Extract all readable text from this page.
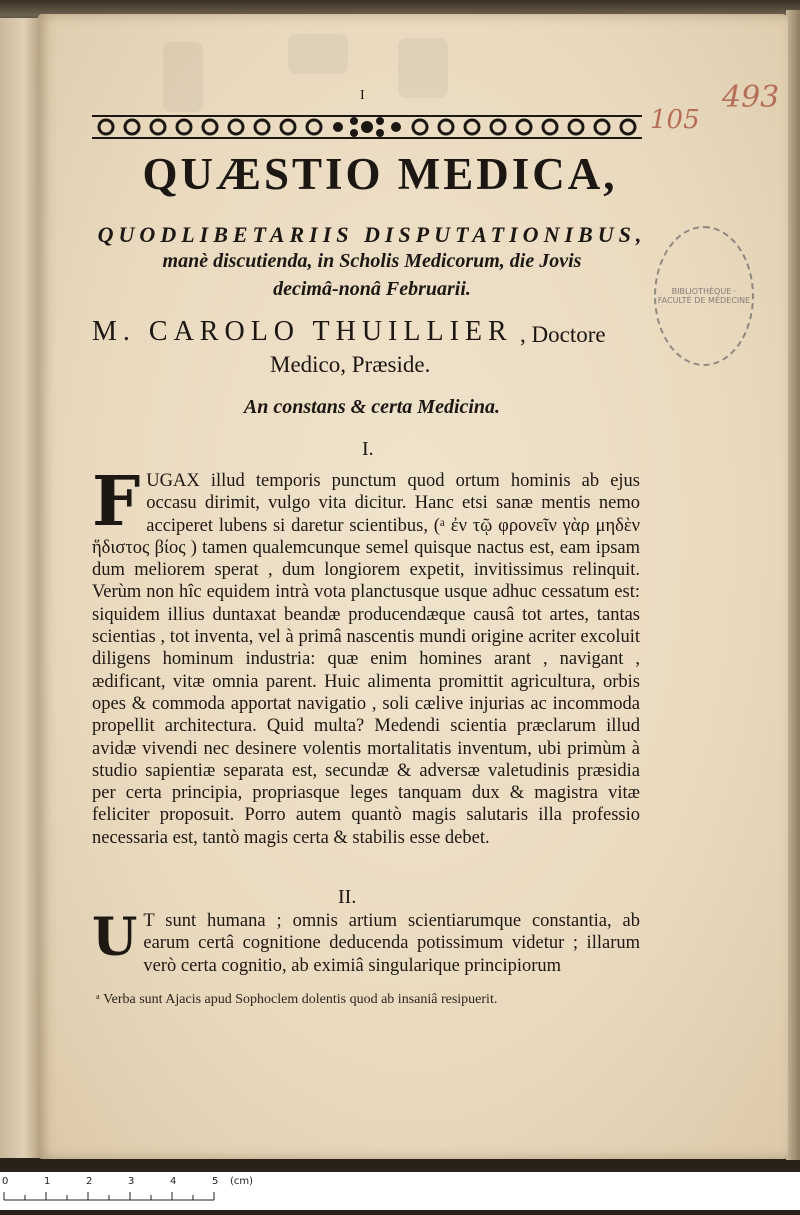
I
105
493
QUÆSTIO MEDICA,
QUODLIBETARIIS DISPUTATIONIBUS,
manè discutienda, in Scholis Medicorum, die Jovis
decimâ-nonâ Februarii.
M. CAROLO THUILLIER , Doctore
Medico, Præside.
An constans & certa Medicina.
BIBLIOTHÈQUE · FACULTÉ DE MÉDECINE
I.
F UGAX illud temporis punctum quod ortum hominis ab ejus occasu dirimit, vulgo vita dicitur. Hanc etsi sanæ mentis nemo acciperet lubens si daretur scientibus, (ᵃ ἐν τῷ φρονεῖν γὰρ μηδὲν ἥδιστος βίος ) tamen qualemcunque semel quisque nactus est, eam ipsam dum meliorem sperat , dum longiorem expetit, invitissimus relinquit. Verùm non hîc equidem intrà vota planctusque usque adhuc cessatum est: siquidem illius duntaxat beandæ producendæque causâ tot artes, tantas scientias , tot inventa, vel à primâ nascentis mundi origine acriter excoluit diligens hominum industria: quæ enim homines arant , navigant , ædificant, vitæ omnia parent. Huic alimenta promittit agricultura, orbis opes & commoda apportat navigatio , soli cælive injurias ac incommoda propellit architectura. Quid multa? Medendi scientia præclarum illud avidæ vivendi nec desinere volentis mortalitatis inventum, ubi primùm à studio sapientiæ separata est, secundæ & adversæ valetudinis præsidia per certa principia, propriasque leges tanquam dux & magistra vitæ feliciter proposuit. Porro autem quantò magis salutaris illa professio necessaria est, tantò magis certa & stabilis esse debet.
II.
U T sunt humana ; omnis artium scientiarumque constantia, ab earum certâ cognitione deducenda potissimum videtur ; illarum verò certa cognitio, ab eximiâ singularique principiorum
ᵃ Verba sunt Ajacis apud Sophoclem dolentis quod ab insaniâ resipuerit.
0	1	2	3	4	5 (cm)
